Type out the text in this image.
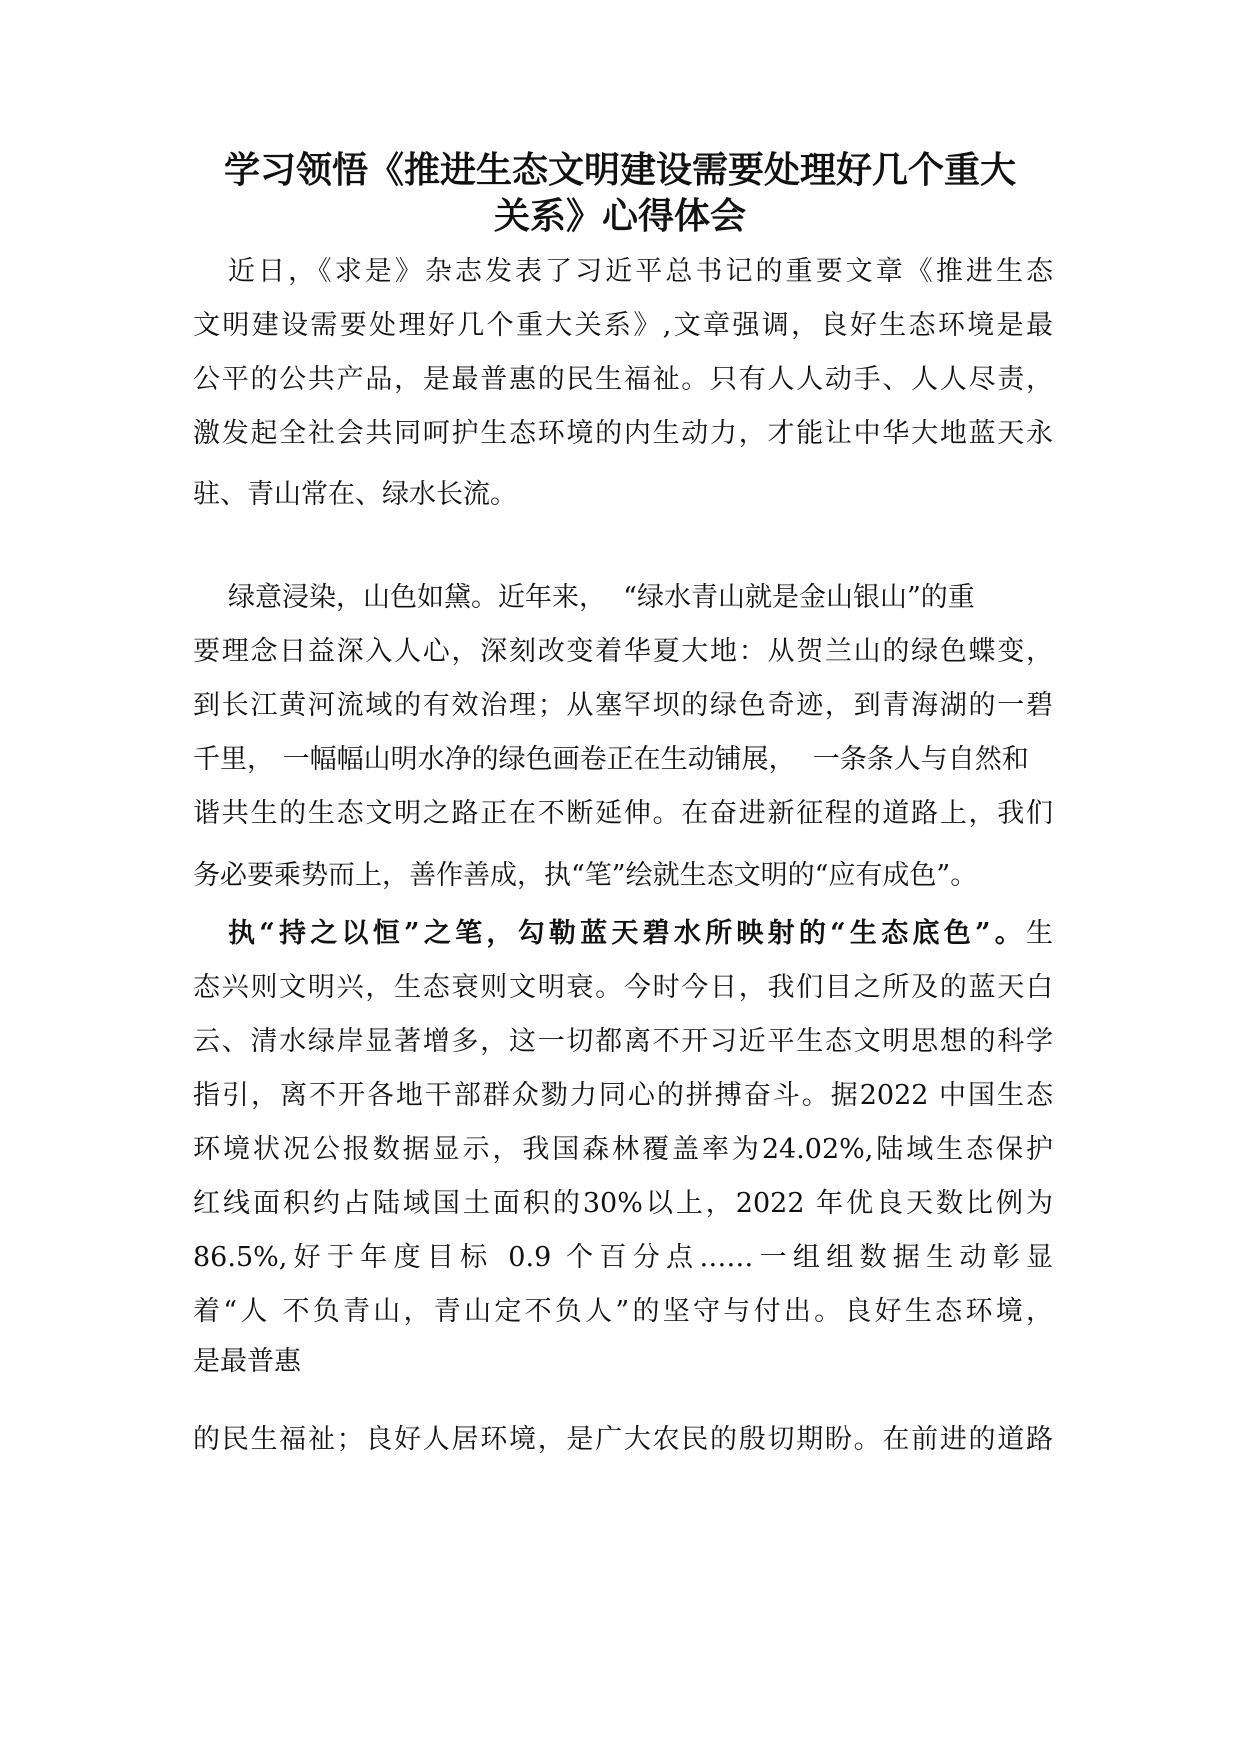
学习领悟《推进生态文明建设需要处理好几个重大
关系》心得体会
近日，《求是》杂志发表了习近平总书记的重要文章《推进生态
文明建设需要处理好几个重大关系》,文章强调，良好生态环境是最
公平的公共产品，是最普惠的民生福祉。只有人人动手、人人尽责，
激发起全社会共同呵护生态环境的内生动力，才能让中华大地蓝天永
驻、青山常在、绿水长流。
绿意浸染，山色如黛。近年来，  “绿水青山就是金山银山”的重
要理念日益深入人心，深刻改变着华夏大地：从贺兰山的绿色蝶变，
到长江黄河流域的有效治理；从塞罕坝的绿色奇迹，到青海湖的一碧
千里， 一幅幅山明水净的绿色画卷正在生动铺展，  一条条人与自然和
谐共生的生态文明之路正在不断延伸。在奋进新征程的道路上，我们
务必要乘势而上，善作善成，执“笔”绘就生态文明的“应有成色”。
执“持之以恒”之笔，勾勒蓝天碧水所映射的“生态底色”。生
态兴则文明兴，生态衰则文明衰。今时今日，我们目之所及的蓝天白
云、清水绿岸显著增多，这一切都离不开习近平生态文明思想的科学
指引，离不开各地干部群众勠力同心的拼搏奋斗。据2022 中国生态
环境状况公报数据显示，我国森林覆盖率为24.02%,陆域生态保护
红线面积约占陆域国土面积的30%以上，2022 年优良天数比例为
86.5%,好于年度目标 0.9 个百分点……一组组数据生动彰显
着“人 不负青山，青山定不负人”的坚守与付出。良好生态环境，
是最普惠
的民生福祉；良好人居环境，是广大农民的殷切期盼。在前进的道路
